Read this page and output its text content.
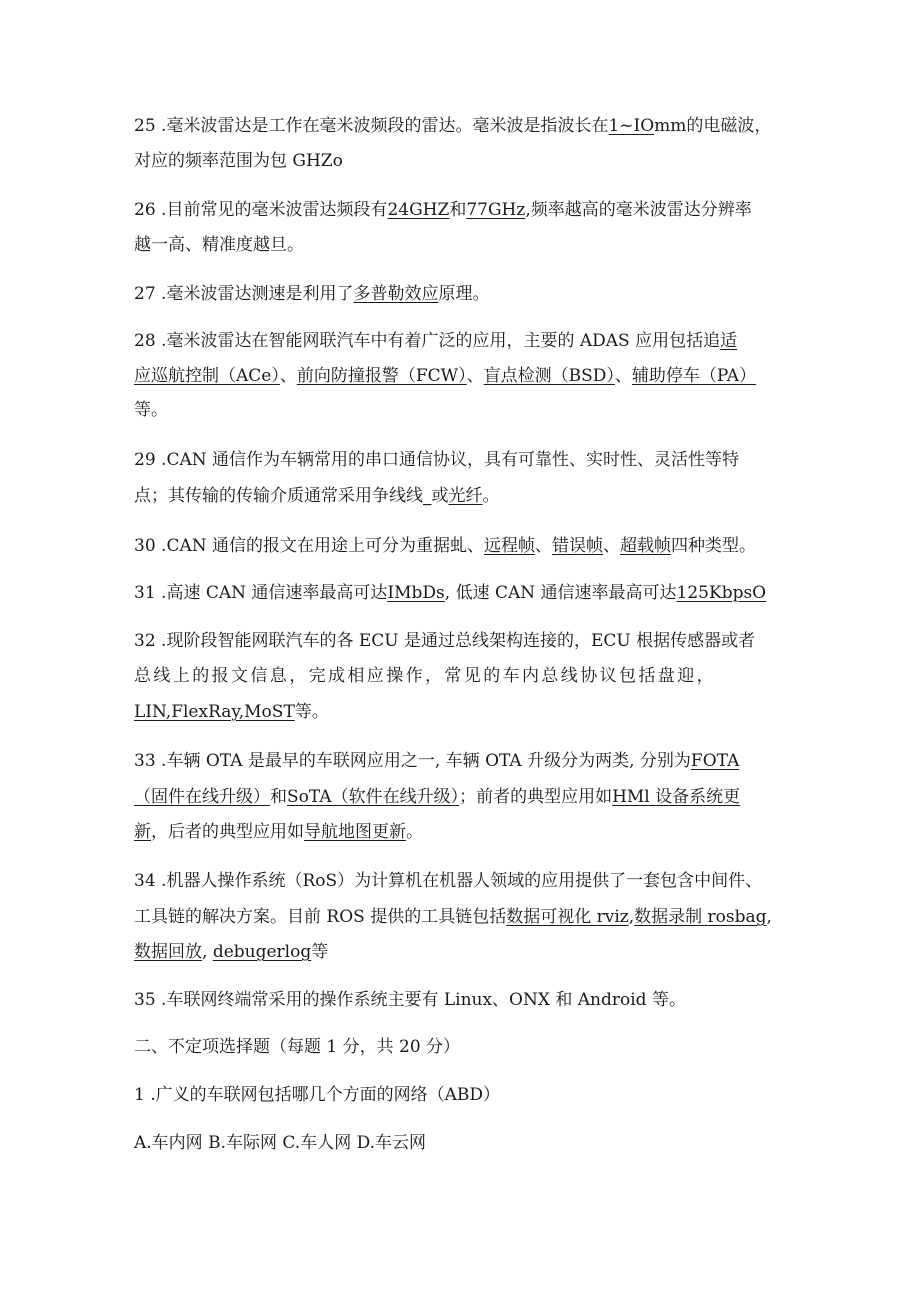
25 .毫米波雷达是工作在毫米波频段的雷达。毫米波是指波长在1~IOmm的电磁波，
对应的频率范围为包 GHZo
26 .目前常见的毫米波雷达频段有24GHZ和77GHz,频率越高的毫米波雷达分辨率
越一高、精准度越旦。
27 .毫米波雷达测速是利用了多普勒效应原理。
28 .毫米波雷达在智能网联汽车中有着广泛的应用，主要的 ADAS 应用包括追适
应巡航控制（ACe）、前向防撞报警（FCW）、盲点检测（BSD）、辅助停车（PA）
等。
29 .CAN 通信作为车辆常用的串口通信协议，具有可靠性、实时性、灵活性等特
点；其传输的传输介质通常采用争线线_或光纤。
30 .CAN 通信的报文在用途上可分为重据虬、远程帧、错误帧、超载帧四种类型。
31 .高速 CAN 通信速率最高可达IMbDs, 低速 CAN 通信速率最高可达125KbpsO
32 .现阶段智能网联汽车的各 ECU 是通过总线架构连接的，ECU 根据传感器或者
总线上的报文信息，完成相应操作，常见的车内总线协议包括盘迎，
LIN,FlexRay,MoST等。
33 .车辆 OTA 是最早的车联网应用之一, 车辆 OTA 升级分为两类, 分别为FOTA
（固件在线升级）和SoTA（软件在线升级）；前者的典型应用如HMl 设备系统更
新，后者的典型应用如导航地图更新。
34 .机器人操作系统（RoS）为计算机在机器人领域的应用提供了一套包含中间件、
工具链的解决方案。目前 ROS 提供的工具链包括数据可视化 rviz,数据录制 rosbag,
数据回放, debugerlog等
35 .车联网终端常采用的操作系统主要有 Linux、ONX 和 Android 等。
二、不定项选择题（每题 1 分，共 20 分）
1 .广义的车联网包括哪几个方面的网络（ABD）
A.车内网 B.车际网 C.车人网 D.车云网
